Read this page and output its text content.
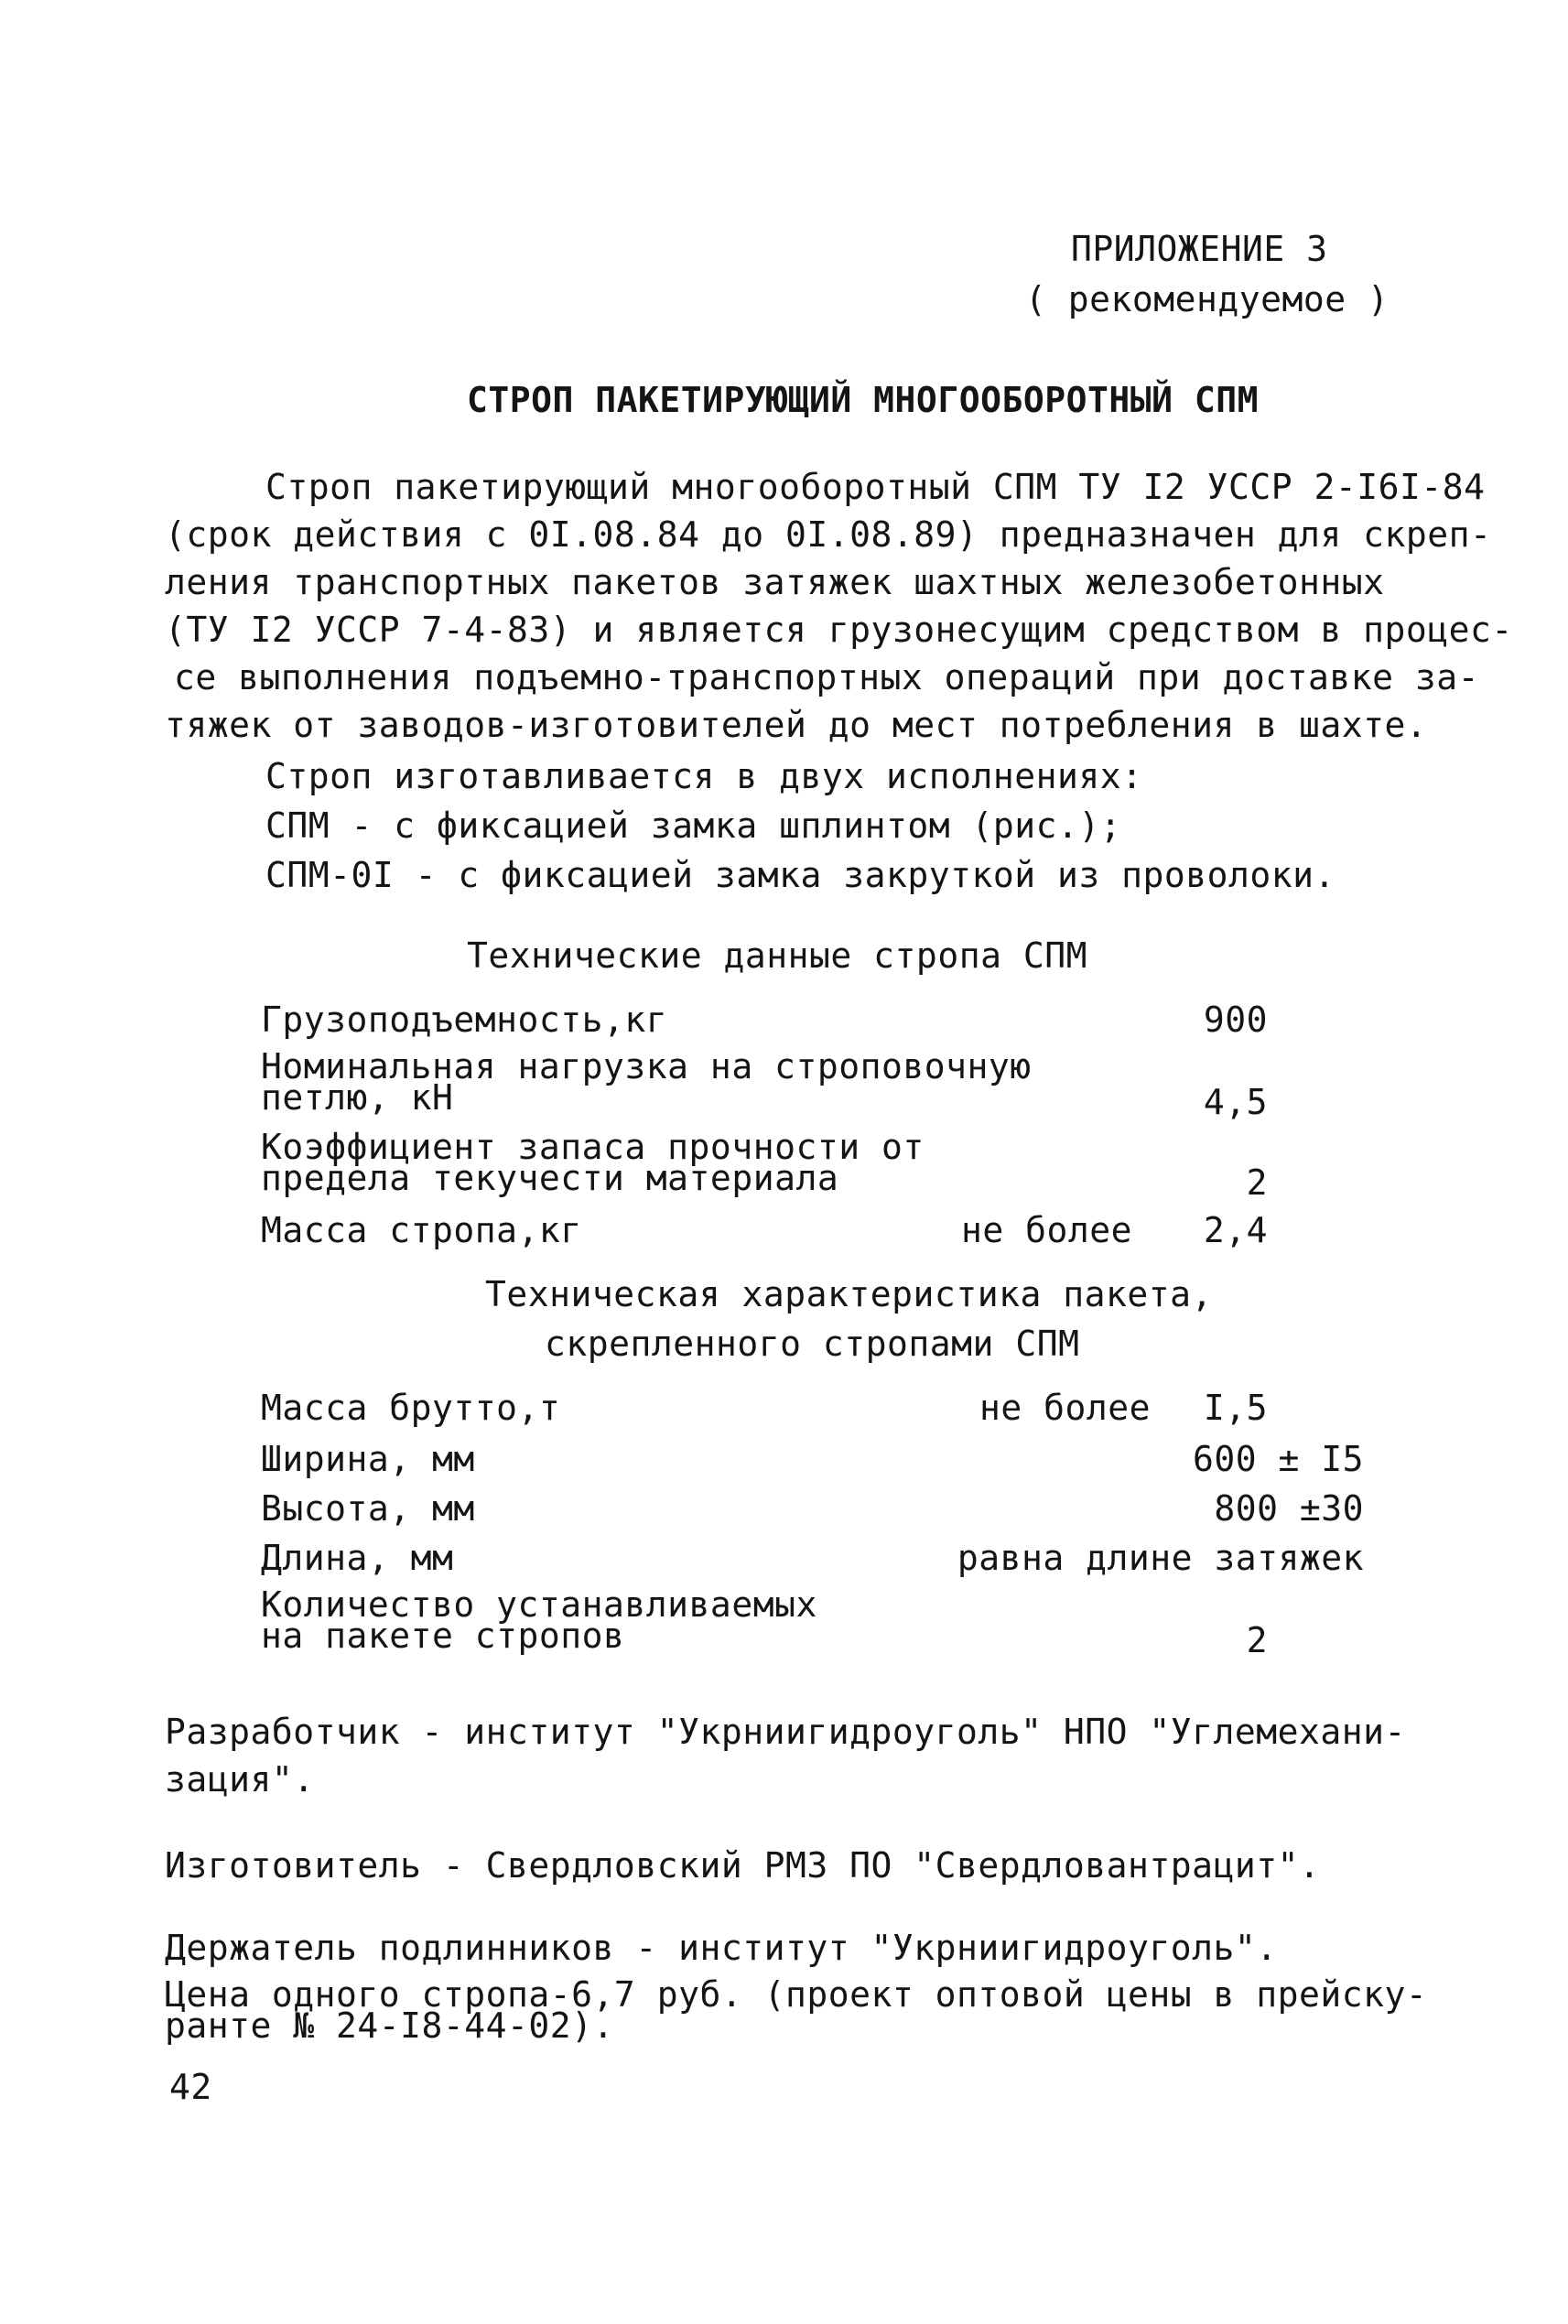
ПРИЛОЖЕНИЕ 3
( рекомендуемое )
СТРОП ПАКЕТИРУЮЩИЙ МНОГООБОРОТНЫЙ СПМ
Строп пакетирующий многооборотный СПМ ТУ I2 УССР 2-I6I-84
(срок действия с 0I.08.84 до 0I.08.89) предназначен для скреп-
ления транспортных пакетов затяжек шахтных железобетонных
(ТУ I2 УССР 7-4-83) и является грузонесущим средством в процес-
се выполнения подъемно-транспортных операций при доставке за-
тяжек от заводов-изготовителей до мест потребления в шахте.
Строп изготавливается в двух исполнениях:
СПМ - с фиксацией замка шплинтом (рис.);
СПМ-0I - с фиксацией замка закруткой из проволоки.
Технические данные стропа СПМ
Грузоподъемность,кг	900
Номинальная нагрузка на строповочную
петлю, кН	4,5
Коэффициент запаса прочности от
предела текучести материала	2
Масса стропа,кг	не более	2,4
Техническая характеристика пакета,
скрепленного стропами СПМ
Масса брутто,т	не более	I,5
Ширина, мм	600 ± I5
Высота, мм	800 ±30
Длина, мм	равна длине затяжек
Количество устанавливаемых
на пакете стропов	2
Разработчик - институт "Укрниигидроуголь" НПО "Углемехани-
зация".
Изготовитель - Свердловский РМЗ ПО "Свердловантрацит".
Держатель подлинников - институт "Укрниигидроуголь".
Цена одного стропа-6,7 руб. (проект оптовой цены в прейску-
ранте № 24-I8-44-02).
42
